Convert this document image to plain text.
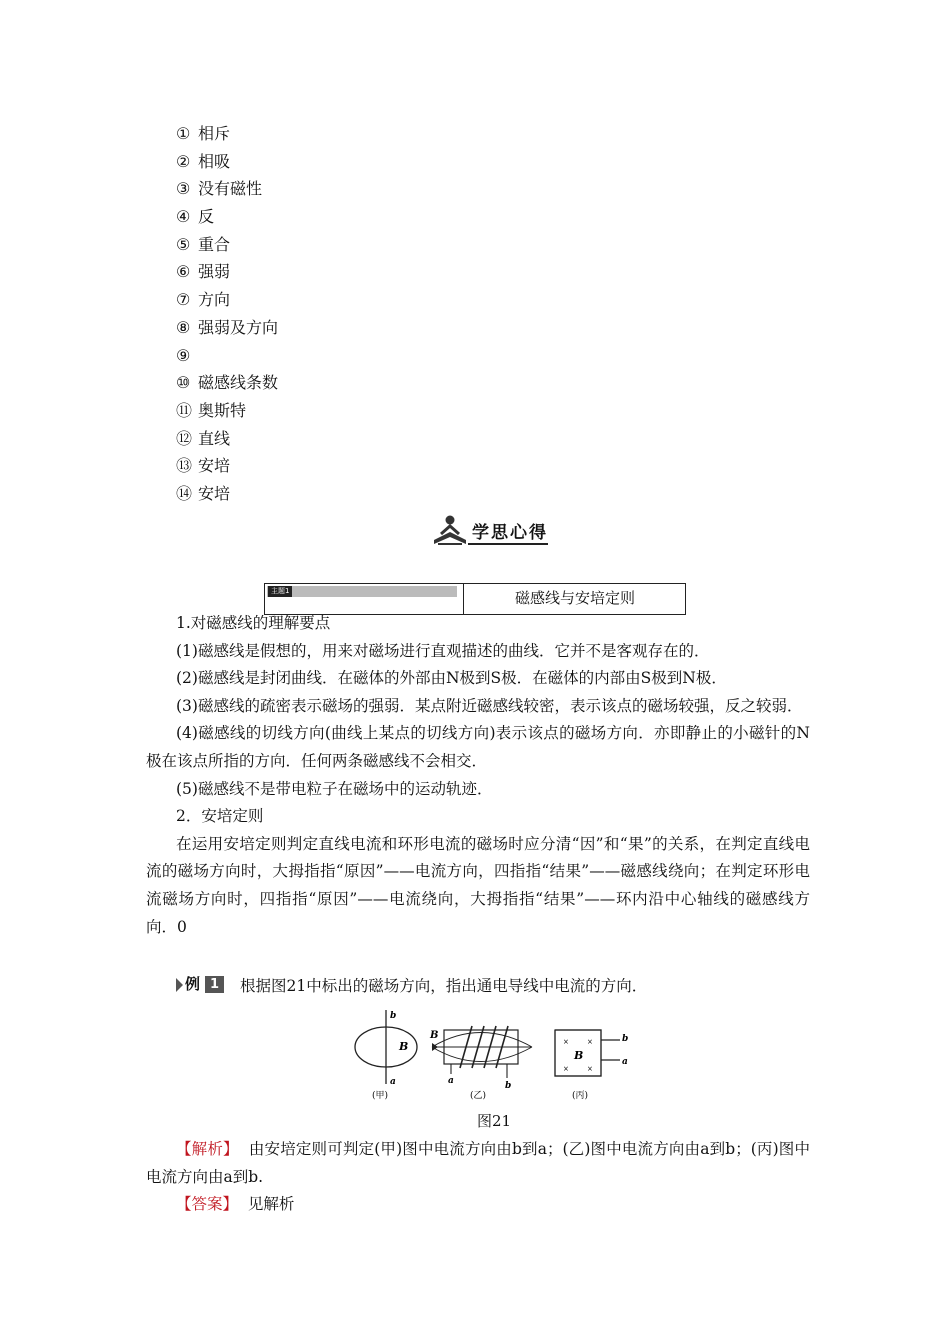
① 相斥
② 相吸
③ 没有磁性
④ 反
⑤ 重合
⑥ 强弱
⑦ 方向
⑧ 强弱及方向
⑨
⑩ 磁感线条数
⑪ 奥斯特
⑫ 直线
⑬ 安培
⑭ 安培
学思心得
主题1	磁感线与安培定则
1.对磁感线的理解要点
(1)磁感线是假想的，用来对磁场进行直观描述的曲线．它并不是客观存在的．
(2)磁感线是封闭曲线．在磁体的外部由N极到S极．在磁体的内部由S极到N极．
(3)磁感线的疏密表示磁场的强弱．某点附近磁感线较密，表示该点的磁场较强，反之较弱．
(4)磁感线的切线方向(曲线上某点的切线方向)表示该点的磁场方向．亦即静止的小磁针的N极在该点所指的方向．任何两条磁感线不会相交．
(5)磁感线不是带电粒子在磁场中的运动轨迹．
2．安培定则
在运用安培定则判定直线电流和环形电流的磁场时应分清“因”和“果”的关系，在判定直线电流的磁场方向时，大拇指指“原因”——电流方向，四指指“结果”——磁感线绕向；在判定环形电流磁场方向时，四指指“原因”——电流绕向，大拇指指“结果”——环内沿中心轴线的磁感线方向．0
例 1	根据图21中标出的磁场方向，指出通电导线中电流的方向．
b
B
a
(甲)
B
a	b
(乙)
×	×
×	×
B
b
a
(丙)
图21
【解析】 由安培定则可判定(甲)图中电流方向由b到a；(乙)图中电流方向由a到b；(丙)图中电流方向由a到b.
【答案】 见解析
